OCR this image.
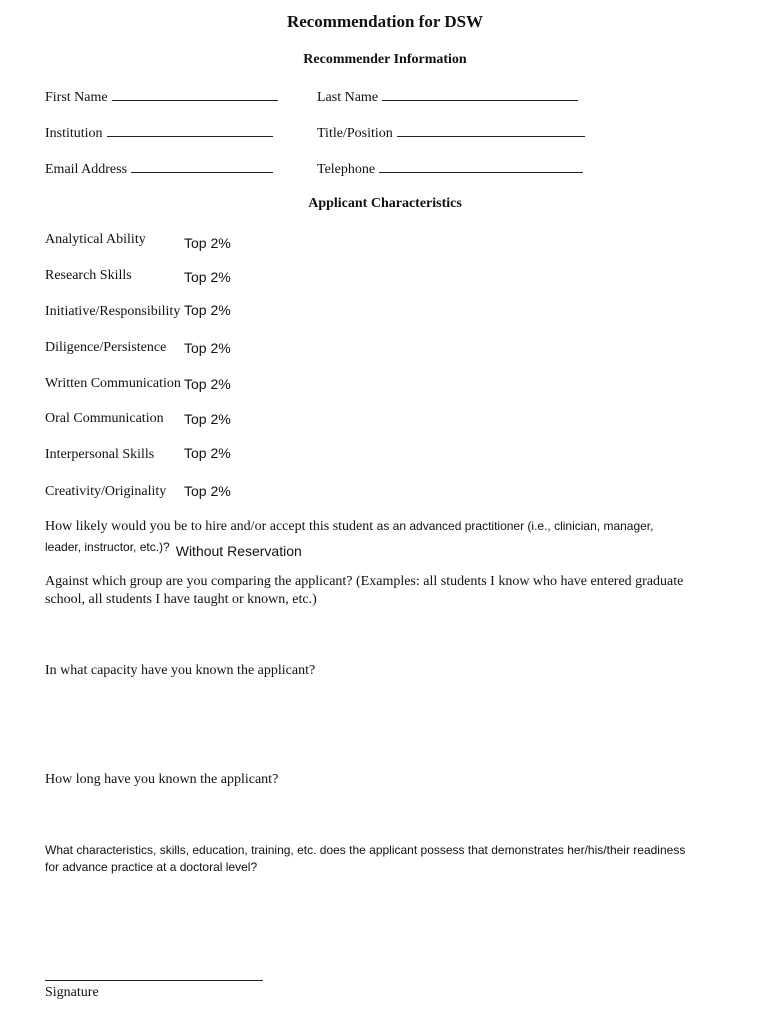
Recommendation for DSW
Recommender Information
First Name	Last Name
Institution	Title/Position
Email Address	Telephone
Applicant Characteristics
Analytical Ability	Top 2%
Research Skills	Top 2%
Initiative/Responsibility Top 2%
Diligence/Persistence	Top 2%
Written Communication Top 2%
Oral Communication	Top 2%
Interpersonal Skills	Top 2%
Creativity/Originality	Top 2%
How likely would you be to hire and/or accept this student as an advanced practitioner (i.e., clinician, manager,
leader, instructor, etc.)? Without Reservation
Against which group are you comparing the applicant? (Examples: all students I know who have entered graduate school, all students I have taught or known, etc.)
In what capacity have you known the applicant?
How long have you known the applicant?
What characteristics, skills, education, training, etc. does the applicant possess that demonstrates her/his/their readiness for advance practice at a doctoral level?
Signature
